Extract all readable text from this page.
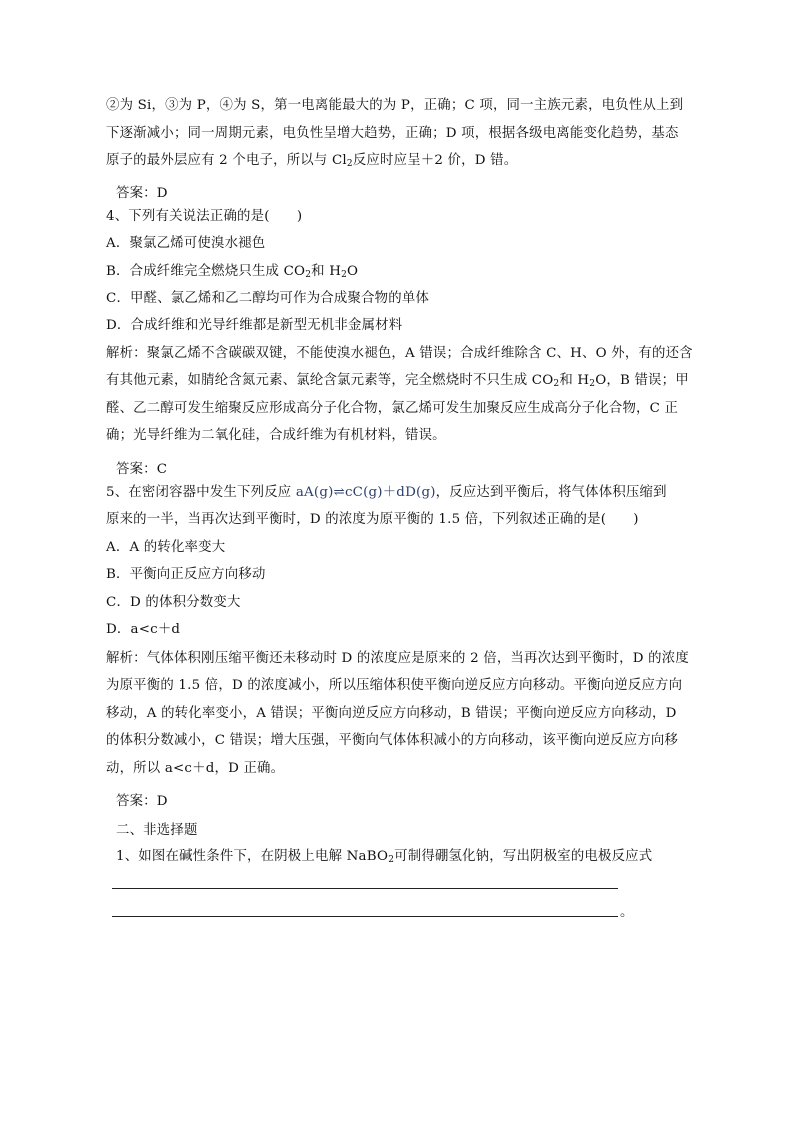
②为 Si，③为 P，④为 S，第一电离能最大的为 P，正确；C 项，同一主族元素，电负性从上到
下逐渐减小；同一周期元素，电负性呈增大趋势，正确；D 项，根据各级电离能变化趋势，基态
原子的最外层应有 2 个电子，所以与 $Cl_2$反应时应呈＋2 价，D 错。
答案：D
4、下列有关说法正确的是(　　)
A．聚氯乙烯可使溴水褪色
B．合成纤维完全燃烧只生成 $CO_2$和 $H_2O$
C．甲醛、氯乙烯和乙二醇均可作为合成聚合物的单体
D．合成纤维和光导纤维都是新型无机非金属材料
解析：聚氯乙烯不含碳碳双键，不能使溴水褪色，A 错误；合成纤维除含 C、H、O 外，有的还含
有其他元素，如腈纶含氮元素、氯纶含氯元素等，完全燃烧时不只生成 $CO_2$和 $H_2O$，B 错误；甲
醛、乙二醇可发生缩聚反应形成高分子化合物，氯乙烯可发生加聚反应生成高分子化合物，C 正
确；光导纤维为二氧化硅，合成纤维为有机材料，错误。
答案：C
5、在密闭容器中发生下列反应 aA(g)⇌cC(g)＋dD(g)，反应达到平衡后，将气体体积压缩到
原来的一半，当再次达到平衡时，D 的浓度为原平衡的 1.5 倍，下列叙述正确的是(　　)
A．A 的转化率变大
B．平衡向正反应方向移动
C．D 的体积分数变大
D．a<c＋d
解析：气体体积刚压缩平衡还未移动时 D 的浓度应是原来的 2 倍，当再次达到平衡时，D 的浓度
为原平衡的 1.5 倍，D 的浓度减小，所以压缩体积使平衡向逆反应方向移动。平衡向逆反应方向
移动，A 的转化率变小，A 错误；平衡向逆反应方向移动，B 错误；平衡向逆反应方向移动，D
的体积分数减小，C 错误；增大压强，平衡向气体体积减小的方向移动，该平衡向逆反应方向移
动，所以 a<c＋d，D 正确。
答案：D
二、非选择题
1、如图在碱性条件下，在阴极上电解 NaBO$_2$可制得硼氢化钠，写出阴极室的电极反应式
。
